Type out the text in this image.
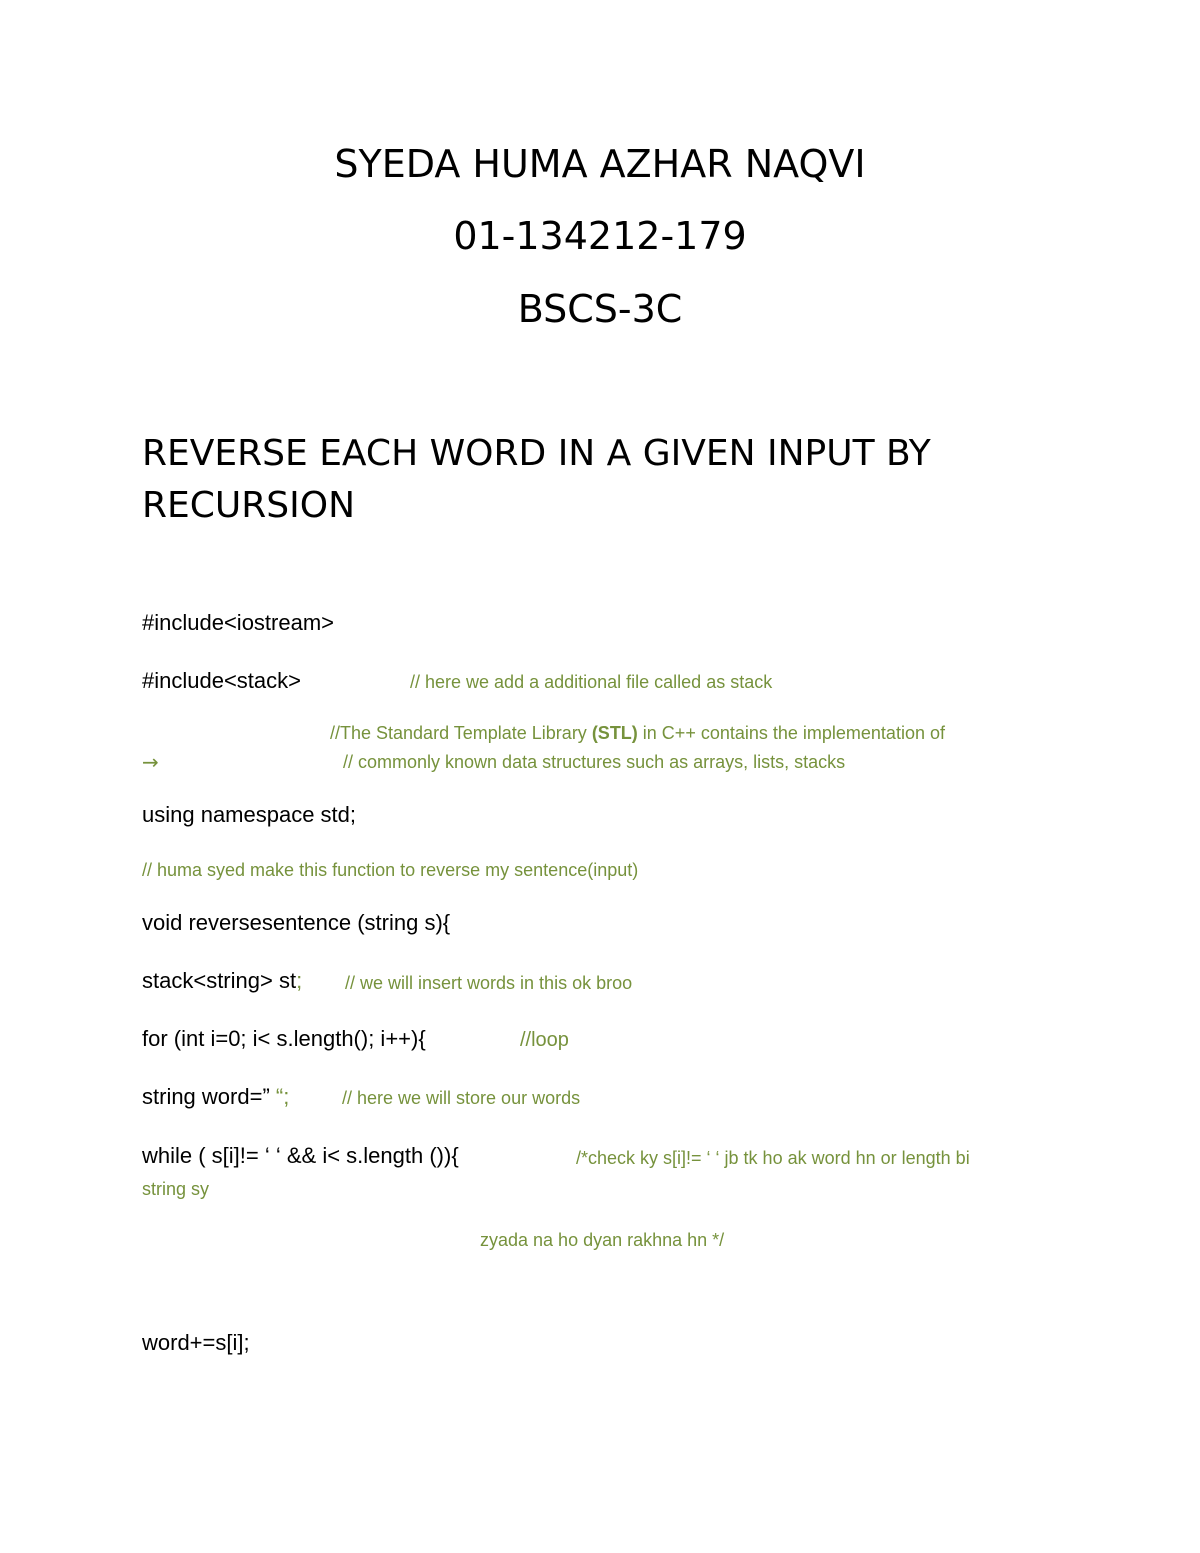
SYEDA HUMA AZHAR NAQVI
01-134212-179
BSCS-3C
REVERSE EACH WORD IN A GIVEN INPUT BY RECURSION
#include<iostream>
#include<stack>	// here we add a additional file called as stack
//The Standard Template Library (STL) in C++ contains the implementation of
→	// commonly known data structures such as arrays, lists, stacks
using namespace std;
// huma syed make this function to reverse my sentence(input)
void reversesentence (string s){
stack<string> st; // we will insert words in this ok broo
for (int i=0; i< s.length(); i++){	//loop
string word=” “;	// here we will store our words
while ( s[i]!= ‘ ‘ && i< s.length ()){	/*check ky s[i]!= ‘ ‘ jb tk ho ak word hn or length bi
string sy
zyada na ho dyan rakhna hn */
word+=s[i];
